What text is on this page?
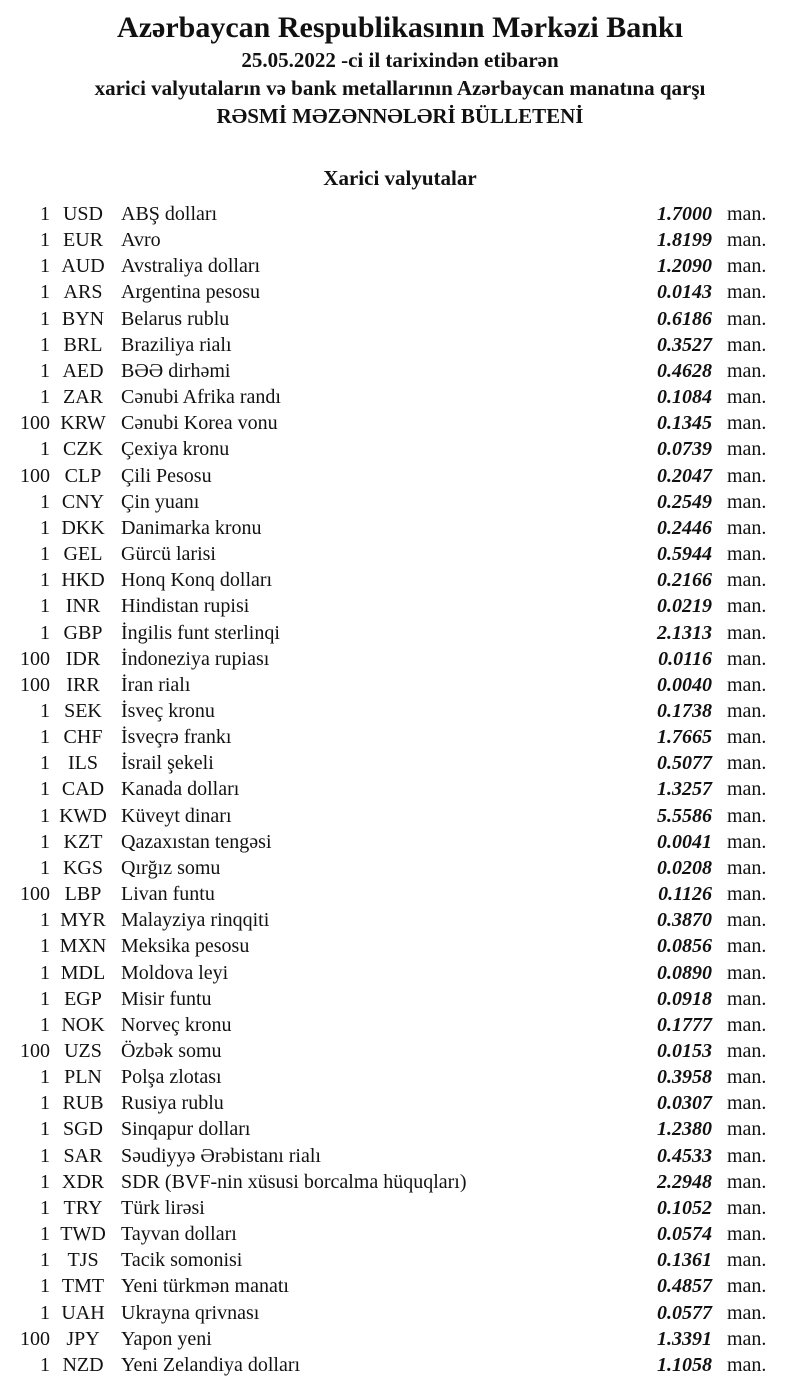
Azərbaycan Respublikasının Mərkəzi Bankı
25.05.2022 -ci il tarixindən etibarən
xarici valyutaların və bank metallarının Azərbaycan manatına qarşı
RƏSMİ MƏZƏNNƏLƏRİ BÜLLETENİ
Xarici valyutalar
1 USD ABŞ dolları	1.7000 man.
1 EUR Avro	1.8199 man.
1 AUD Avstraliya dolları	1.2090 man.
1 ARS Argentina pesosu	0.0143 man.
1 BYN Belarus rublu	0.6186 man.
1 BRL Braziliya rialı	0.3527 man.
1 AED BƏƏ dirhəmi	0.4628 man.
1 ZAR Cənubi Afrika randı	0.1084 man.
100 KRW Cənubi Korea vonu	0.1345 man.
1 CZK Çexiya kronu	0.0739 man.
100 CLP Çili Pesosu	0.2047 man.
1 CNY Çin yuanı	0.2549 man.
1 DKK Danimarka kronu	0.2446 man.
1 GEL Gürcü larisi	0.5944 man.
1 HKD Honq Konq dolları	0.2166 man.
1 INR	Hindistan rupisi	0.0219 man.
1 GBP İngilis funt sterlinqi	2.1313 man.
100 IDR	İndoneziya rupiası	0.0116 man.
100 IRR	İran rialı	0.0040 man.
1 SEK İsveç kronu	0.1738 man.
1 CHF İsveçrə frankı	1.7665 man.
1 ILS	İsrail şekeli	0.5077 man.
1 CAD Kanada dolları	1.3257 man.
1 KWD Küveyt dinarı	5.5586 man.
1 KZT Qazaxıstan tengəsi	0.0041 man.
1 KGS Qırğız somu	0.0208 man.
100 LBP Livan funtu	0.1126 man.
1 MYR Malayziya rinqqiti	0.3870 man.
1 MXN Meksika pesosu	0.0856 man.
1 MDL Moldova leyi	0.0890 man.
1 EGP Misir funtu	0.0918 man.
1 NOK Norveç kronu	0.1777 man.
100 UZS Özbək somu	0.0153 man.
1 PLN Polşa zlotası	0.3958 man.
1 RUB Rusiya rublu	0.0307 man.
1 SGD Sinqapur dolları	1.2380 man.
1 SAR Səudiyyə Ərəbistanı rialı	0.4533 man.
1 XDR SDR (BVF-nin xüsusi borcalma hüquqları)	2.2948 man.
1 TRY Türk lirəsi	0.1052 man.
1 TWD Tayvan dolları	0.0574 man.
1 TJS	Tacik somonisi	0.1361 man.
1 TMT Yeni türkmən manatı	0.4857 man.
1 UAH Ukrayna qrivnası	0.0577 man.
100 JPY	Yapon yeni	1.3391 man.
1 NZD Yeni Zelandiya dolları	1.1058 man.
